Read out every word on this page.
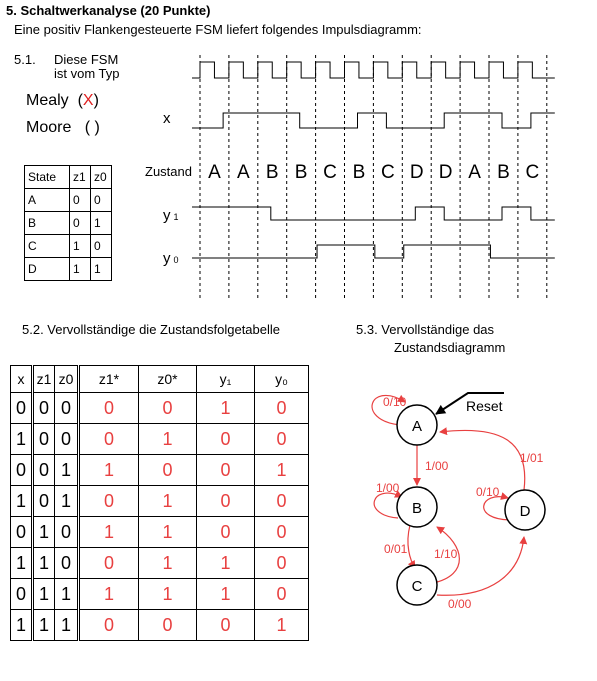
5. Schaltwerkanalyse (20 Punkte)
Eine positiv Flankengesteuerte FSM liefert folgendes Impulsdiagramm:
5.1. Diese FSM
ist vom Typ
Mealy (X)
Moore ( )
State	z1	z0
A	0	0
B	0	1
C	1	0
D	1	1
x
Zustand
y 1
y 0
A A B B C B C D D A B C
5.2. Vervollständige die Zustandsfolgetabelle	5.3. Vervollständige das
Zustandsdiagramm
x	z1	z0	z1*	z0*	y₁	y₀
0	0	0	0	0	1	0
1	0	0	0	1	0	0
0	0	1	1	0	0	1
1	0	1	0	1	0	0
0	1	0	1	1	0	0
1	1	0	0	1	1	0
0	1	1	1	1	1	0
1	1	1	0	0	0	1
Reset
A
B
C
D
0/10
1/00
1/01
1/00	0/10
0/01 1/10
0/00
